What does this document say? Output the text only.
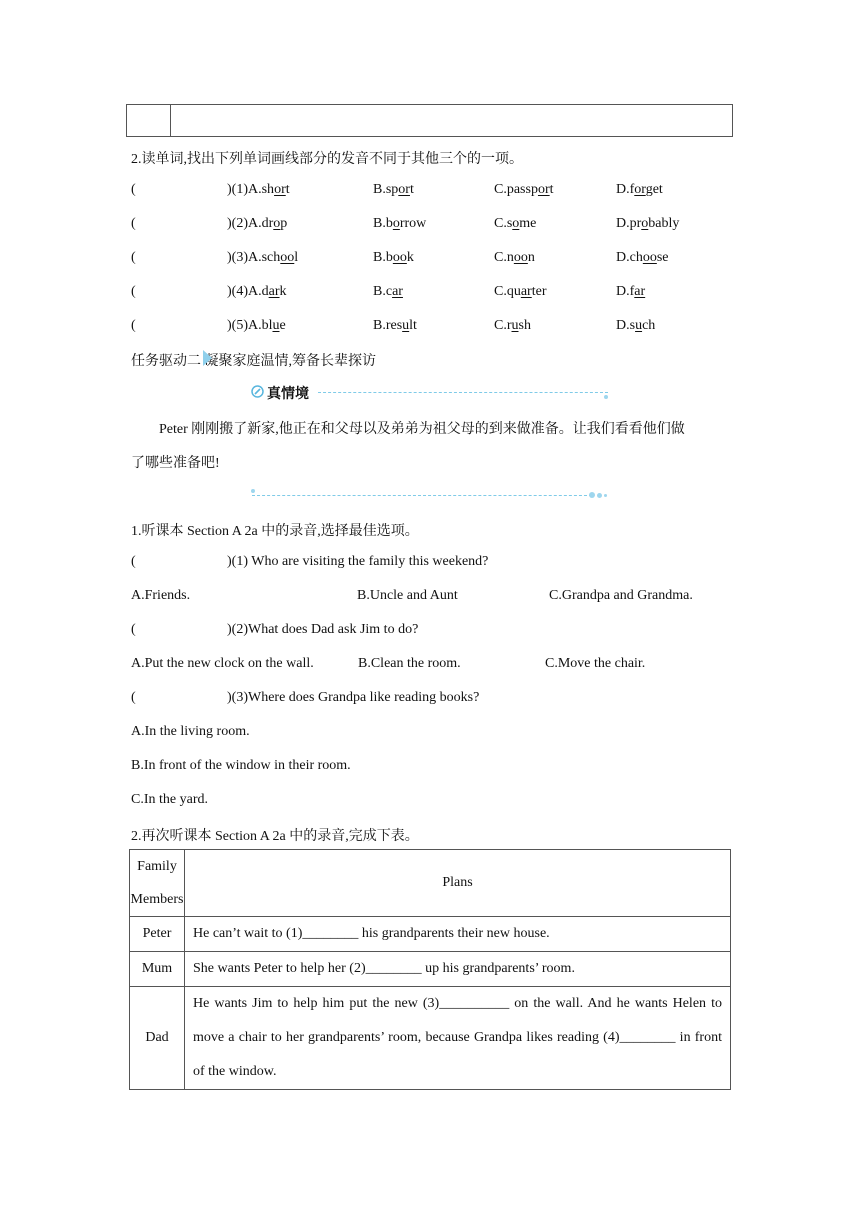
2.读单词,找出下列单词画线部分的发音不同于其他三个的一项。
(	)(1) A.short	B.sport	C.passport	D.forget
(	)(2) A.drop	B.borrow	C.some	D.probably
(	)(3) A.school	B.book	C.noon	D.choose
(	)(4) A.dark	B.car	C.quarter	D.far
(	)(5) A.blue	B.result	C.rush	D.such
任务驱动二 凝聚家庭温情,筹备长辈探访
真情境
Peter 刚刚搬了新家,他正在和父母以及弟弟为祖父母的到来做准备。让我们看看他们做
了哪些准备吧!
1.听课本 Section A 2a 中的录音,选择最佳选项。
(	)(1) Who are visiting the family this weekend?
A.Friends.	B.Uncle and Aunt	C.Grandpa and Grandma.
(	)(2)What does Dad ask Jim to do?
A.Put the new clock on the wall.	B.Clean the room.	C.Move the chair.
(	)(3)Where does Grandpa like reading books?
A.In the living room.
B.In front of the window in their room.
C.In the yard.
2.再次听课本 Section A 2a 中的录音,完成下表。
Family
Members	Plans
Peter	He can’t wait to (1)________ his grandparents their new house.
Mum	She wants Peter to help her (2)________ up his grandparents’ room.
Dad	He wants Jim to help him put the new (3)__________ on the wall. And he wants Helen to move a chair to her grandparents’ room, because Grandpa likes reading (4)________ in front of the window.
